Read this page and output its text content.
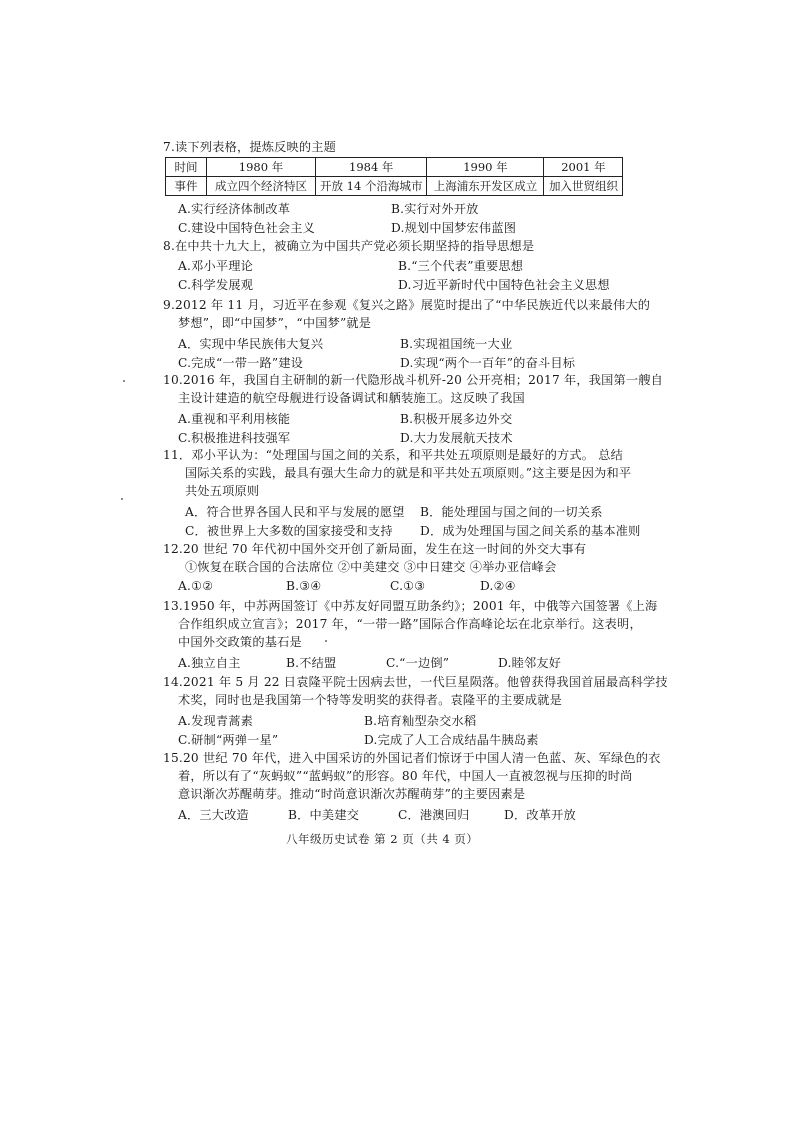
7.读下列表格，提炼反映的主题
时间	1980 年	1984 年	1990 年	2001 年
事件	成立四个经济特区	开放 14 个沿海城市	上海浦东开发区成立	加入世贸组织
A.实行经济体制改革	B.实行对外开放
C.建设中国特色社会主义	D.规划中国梦宏伟蓝图
8.在中共十九大上，被确立为中国共产党必须长期坚持的指导思想是
A.邓小平理论	B.“三个代表”重要思想
C.科学发展观	D.习近平新时代中国特色社会主义思想
9.2012 年 11 月，习近平在参观《复兴之路》展览时提出了“中华民族近代以来最伟大的
梦想”，即“中国梦”，“中国梦”就是
A．实现中华民族伟大复兴	B.实现祖国统一大业
C.完成“一带一路”建设	D.实现“两个一百年”的奋斗目标
10.2016 年，我国自主研制的新一代隐形战斗机歼-20 公开亮相；2017 年，我国第一艘自
主设计建造的航空母舰进行设备调试和舾装施工。这反映了我国
A.重视和平利用核能	B.积极开展多边外交
C.积极推进科技强军	D.大力发展航天技术
11．邓小平认为：“处理国与国之间的关系，和平共处五项原则是最好的方式。 总结
国际关系的实践，最具有强大生命力的就是和平共处五项原则。”这主要是因为和平
共处五项原则
A．符合世界各国人民和平与发展的愿望 B．能处理国与国之间的一切关系
C．被世界上大多数的国家接受和支持 D．成为处理国与国之间关系的基本准则
12.20 世纪 70 年代初中国外交开创了新局面，发生在这一时间的外交大事有
①恢复在联合国的合法席位 ②中美建交 ③中日建交 ④举办亚信峰会
A.①②	B.③④	C.①③	D.②④
13.1950 年，中苏两国签订《中苏友好同盟互助条约》；2001 年，中俄等六国签署《上海
合作组织成立宣言》；2017 年，“一带一路”国际合作高峰论坛在北京举行。这表明，
中国外交政策的基石是
A.独立自主	B.不结盟	C.“一边倒”	D.睦邻友好
14.2021 年 5 月 22 日袁隆平院士因病去世，一代巨星陨落。他曾获得我国首届最高科学技
术奖，同时也是我国第一个特等发明奖的获得者。袁隆平的主要成就是
A.发现青蒿素	B.培育籼型杂交水稻
C.研制“两弹一星”	D.完成了人工合成结晶牛胰岛素
15.20 世纪 70 年代，进入中国采访的外国记者们惊讶于中国人清一色蓝、灰、军绿色的衣
着，所以有了“灰蚂蚁”“蓝蚂蚁”的形容。80 年代，中国人一直被忽视与压抑的时尚
意识渐次苏醒萌芽。推动“时尚意识渐次苏醒萌芽”的主要因素是
A．三大改造	B．中美建交	C．港澳回归	D．改革开放
八年级历史试卷 第 2 页（共 4 页）
